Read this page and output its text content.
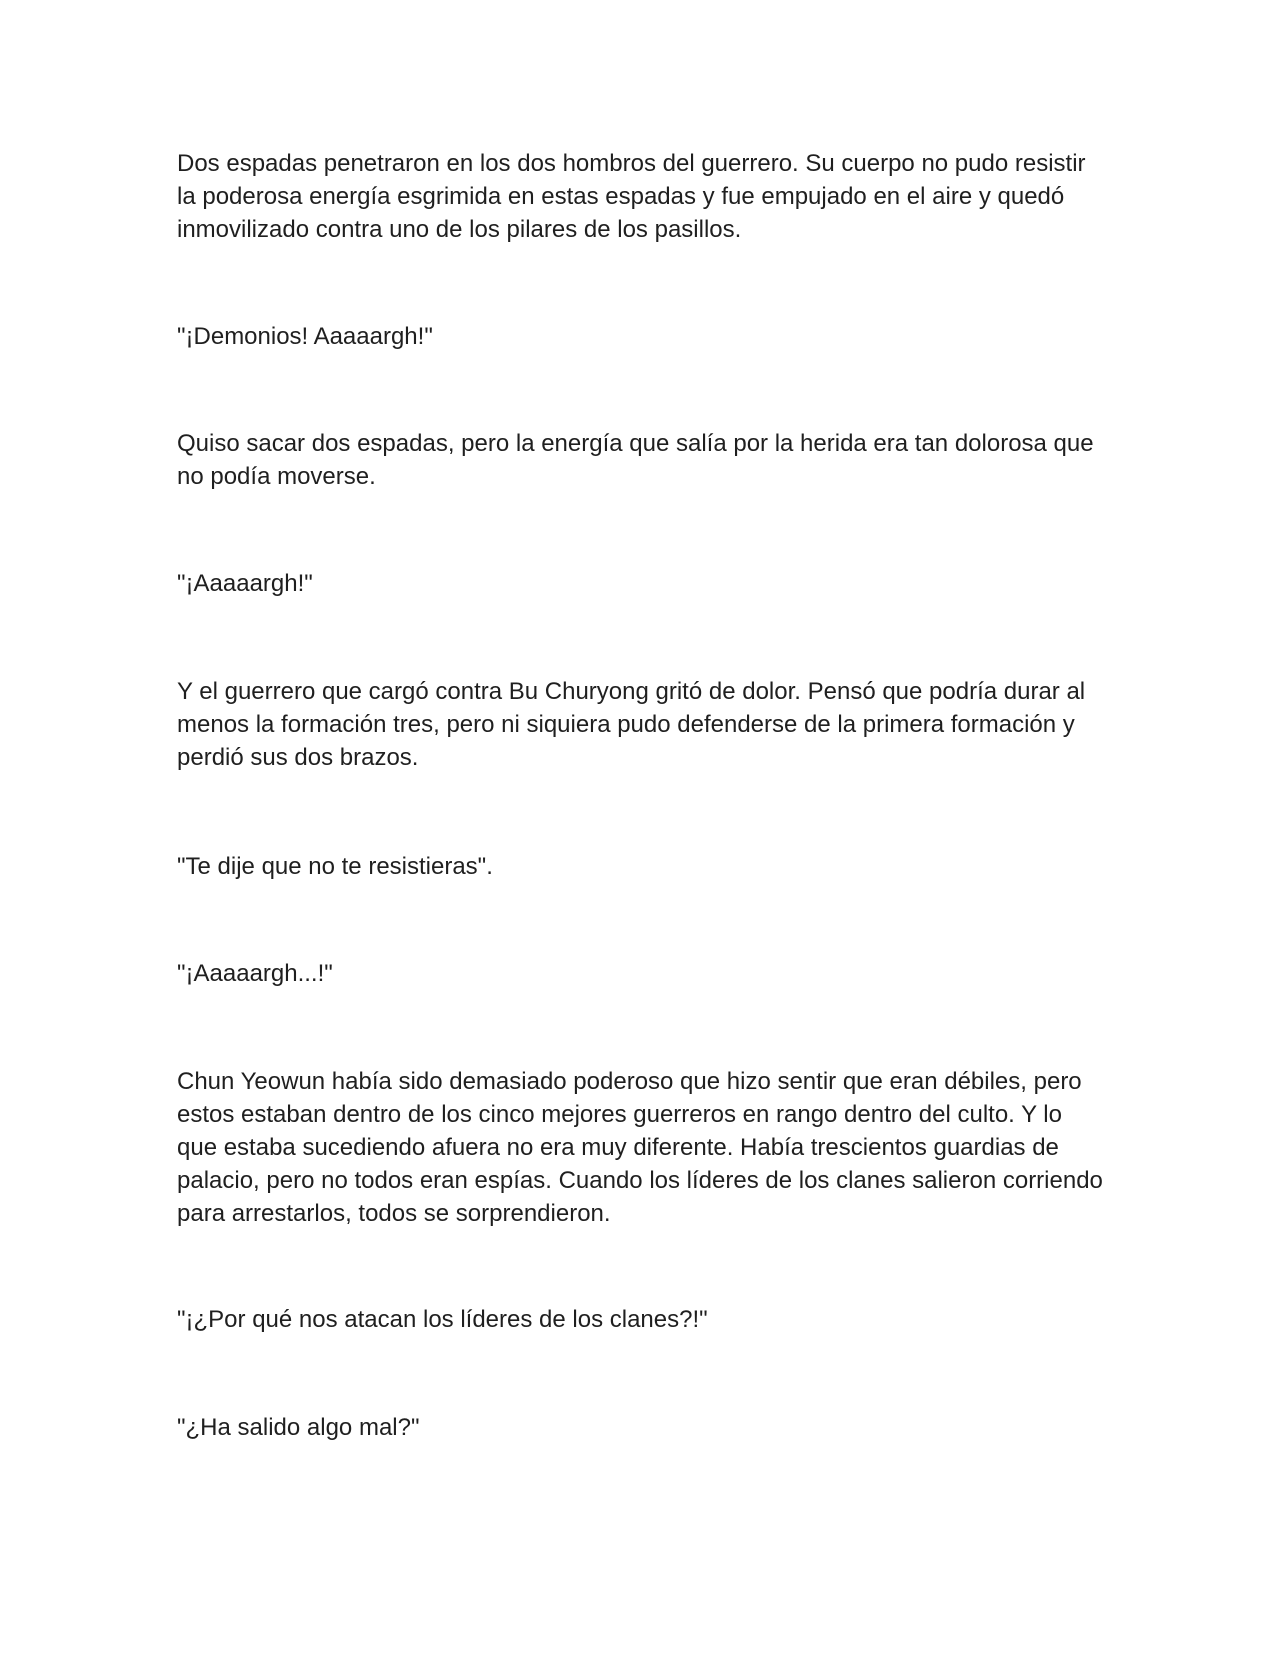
Dos espadas penetraron en los dos hombros del guerrero. Su cuerpo no pudo resistir la poderosa energía esgrimida en estas espadas y fue empujado en el aire y quedó inmovilizado contra uno de los pilares de los pasillos.

"¡Demonios! Aaaaargh!"

Quiso sacar dos espadas, pero la energía que salía por la herida era tan dolorosa que no podía moverse.

"¡Aaaaargh!"

Y el guerrero que cargó contra Bu Churyong gritó de dolor. Pensó que podría durar al menos la formación tres, pero ni siquiera pudo defenderse de la primera formación y perdió sus dos brazos.

"Te dije que no te resistieras".

"¡Aaaaargh...!"

Chun Yeowun había sido demasiado poderoso que hizo sentir que eran débiles, pero estos estaban dentro de los cinco mejores guerreros en rango dentro del culto. Y lo que estaba sucediendo afuera no era muy diferente. Había trescientos guardias de palacio, pero no todos eran espías. Cuando los líderes de los clanes salieron corriendo para arrestarlos, todos se sorprendieron.

"¡¿Por qué nos atacan los líderes de los clanes?!"

"¿Ha salido algo mal?"
